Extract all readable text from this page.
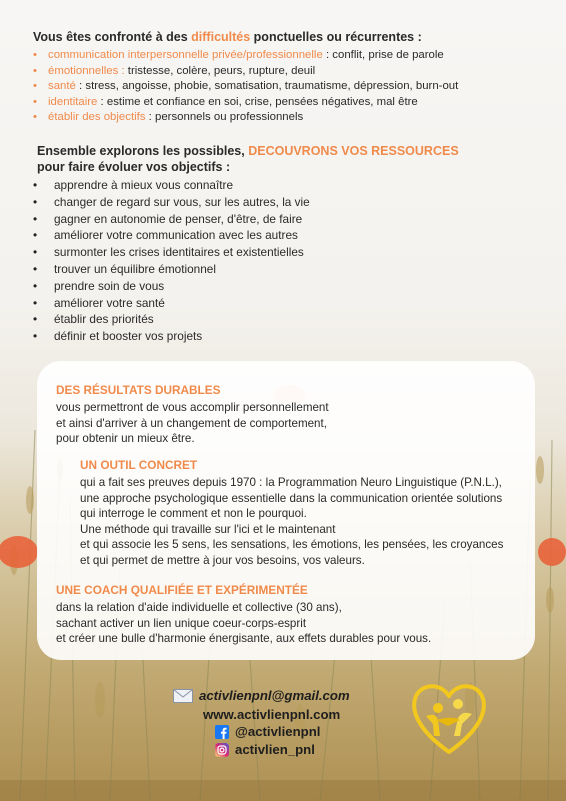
Vous êtes confronté à des difficultés ponctuelles ou récurrentes :
• communication interpersonnelle privée/professionnelle : conflit, prise de parole
• émotionnelles : tristesse, colère, peurs, rupture, deuil
• santé : stress, angoisse, phobie, somatisation, traumatisme, dépression, burn-out
• identitaire : estime et confiance en soi, crise, pensées négatives, mal être
• établir des objectifs : personnels ou professionnels
Ensemble explorons les possibles, DECOUVRONS VOS RESSOURCES
pour faire évoluer vos objectifs :
• apprendre à mieux vous connaître
• changer de regard sur vous, sur les autres, la vie
• gagner en autonomie de penser, d'être, de faire
• améliorer votre communication avec les autres
• surmonter les crises identitaires et existentielles
• trouver un équilibre émotionnel
• prendre soin de vous
• améliorer votre santé
• établir des priorités
• définir et booster vos projets
DES RÉSULTATS DURABLES
vous permettront de vous accomplir personnellement
et ainsi d'arriver à un changement de comportement,
pour obtenir un mieux être.
UN OUTIL CONCRET
qui a fait ses preuves depuis 1970 : la Programmation Neuro Linguistique (P.N.L.),
une approche psychologique essentielle dans la communication orientée solutions
qui interroge le comment et non le pourquoi.
Une méthode qui travaille sur l'ici et le maintenant
et qui associe les 5 sens, les sensations, les émotions, les pensées, les croyances
et qui permet de mettre à jour vos besoins, vos valeurs.
UNE COACH QUALIFIÉE ET EXPÉRIMENTÉE
dans la relation d'aide individuelle et collective (30 ans),
sachant activer un lien unique coeur-corps-esprit
et créer une bulle d'harmonie énergisante, aux effets durables pour vous.
activlienpnl@gmail.com
www.activlienpnl.com
@activlienpnl
activlien_pnl
